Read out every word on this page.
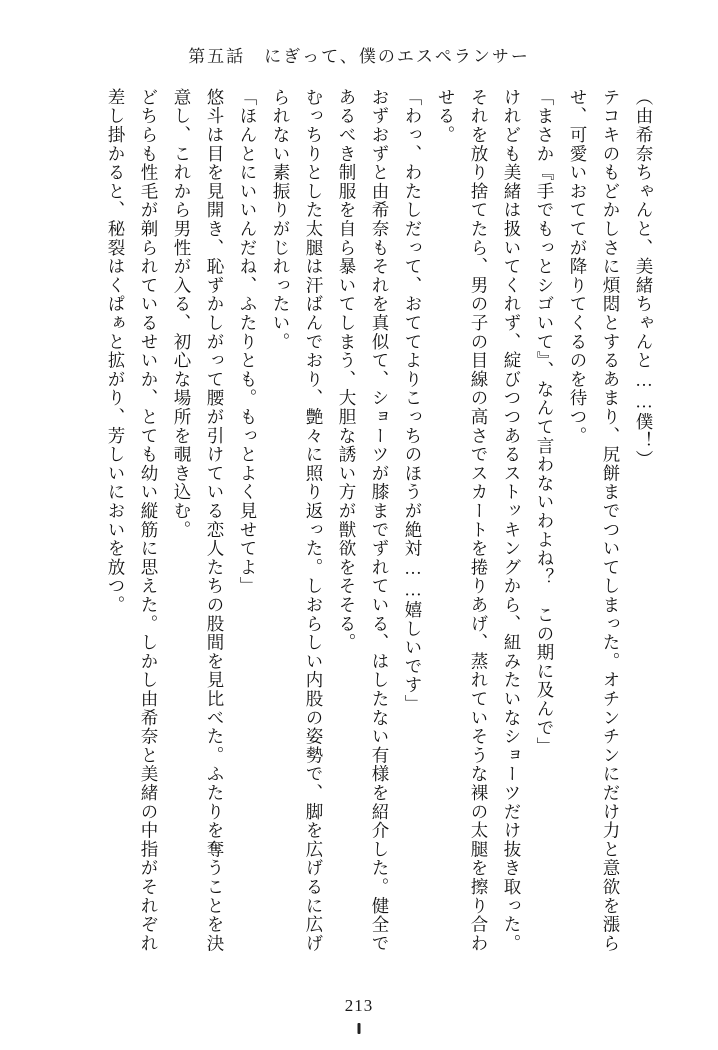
第五話　にぎって、僕のエスペランサー

（由希奈ちゃんと、美緒ちゃんと……僕！）

テコキのもどかしさに煩悶とするあまり、尻餅までついてしまった。オチンチンにだけ力と意欲を漲らせ、可愛いおててが降りてくるのを待つ。

「まさか『手でもっとシゴいて』、なんて言わないわよね？　この期に及んで」

けれども美緒は扱いてくれず、綻びつつあるストッキングから、紐みたいなショーツだけ抜き取った。それを放り捨てたら、男の子の目線の高さでスカートを捲りあげ、蒸れていそうな裸の太腿を擦り合わせる。

「わっ、わたしだって、おててよりこっちのほうが絶対……嬉しいです」

おずおずと由希奈もそれを真似て、ショーツが膝までずれている、はしたない有様を紹介した。健全であるべき制服を自ら暴いてしまう、大胆な誘い方が獣欲をそそる。

むっちりとした太腿は汗ばんでおり、艶々に照り返った。しおらしい内股の姿勢で、脚を広げるに広げられない素振りがじれったい。

「ほんとにいいんだね、ふたりとも。もっとよく見せてよ」

悠斗は目を見開き、恥ずかしがって腰が引けている恋人たちの股間を見比べた。ふたりを奪うことを決意し、これから男性が入る、初心な場所を覗き込む。

どちらも性毛が剃られているせいか、とても幼い縦筋に思えた。しかし由希奈と美緒の中指がそれぞれ差し掛かると、秘裂はくぱぁと拡がり、芳しいにおいを放つ。

213
